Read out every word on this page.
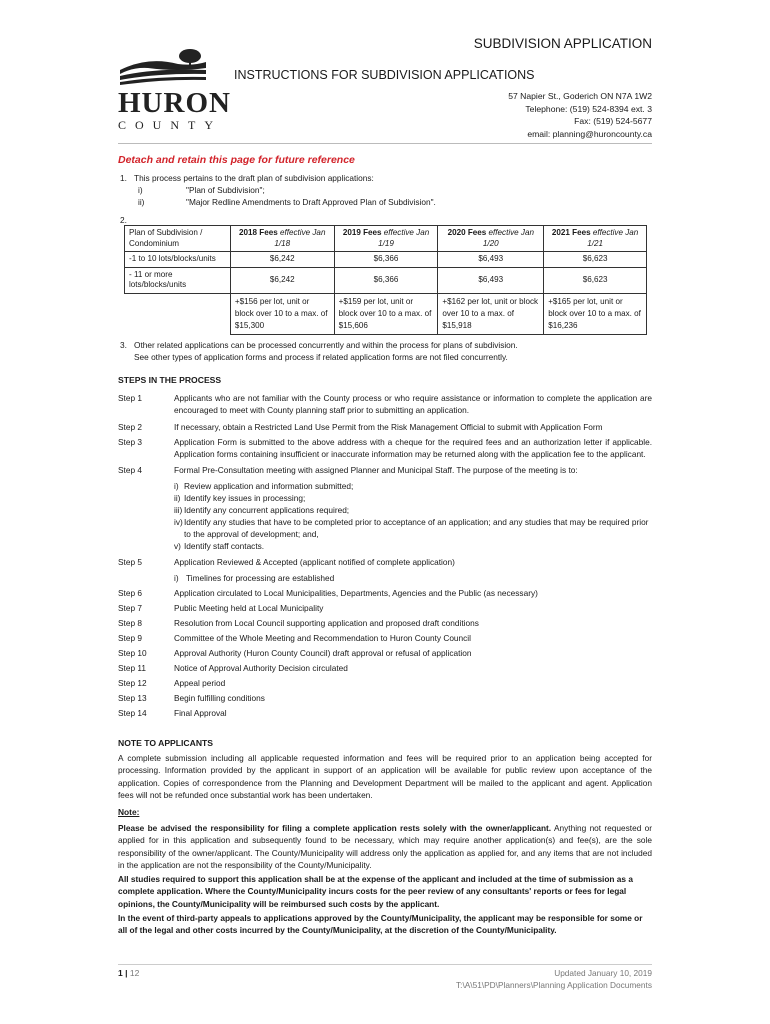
HURON
COUNTY
SUBDIVISION APPLICATION
INSTRUCTIONS FOR SUBDIVISION APPLICATIONS
57 Napier St., Goderich ON N7A 1W2
Telephone: (519) 524-8394 ext. 3
Fax: (519) 524-5677
email: planning@huroncounty.ca
Detach and retain this page for future reference
1. This process pertains to the draft plan of subdivision applications:
i)	"Plan of Subdivision";
ii)	"Major Redline Amendments to Draft Approved Plan of Subdivision".
2.
Plan of Subdivision / Condominium	2018 Fees effective Jan 1/18	2019 Fees effective Jan 1/19	2020 Fees effective Jan 1/20	2021 Fees effective Jan 1/21
-1 to 10 lots/blocks/units	$6,242	$6,366	$6,493	$6,623
- 11 or more lots/blocks/units	$6,242	$6,366	$6,493	$6,623
	+$156 per lot, unit or block over 10 to a max. of $15,300	+$159 per lot, unit or block over 10 to a max. of $15,606	+$162 per lot, unit or block over 10 to a max. of $15,918	+$165 per lot, unit or block over 10 to a max. of $16,236
3. Other related applications can be processed concurrently and within the process for plans of subdivision.
See other types of application forms and process if related application forms are not filed concurrently.
STEPS IN THE PROCESS
Step 1	Applicants who are not familiar with the County process or who require assistance or information to complete the application are encouraged to meet with County planning staff prior to submitting an application.
Step 2	If necessary, obtain a Restricted Land Use Permit from the Risk Management Official to submit with Application Form
Step 3	Application Form is submitted to the above address with a cheque for the required fees and an authorization letter if applicable. Application forms containing insufficient or inaccurate information may be returned along with the application fee to the applicant.
Step 4	Formal Pre-Consultation meeting with assigned Planner and Municipal Staff. The purpose of the meeting is to:
i) Review application and information submitted;
ii) Identify key issues in processing;
iii) Identify any concurrent applications required;
iv) Identify any studies that have to be completed prior to acceptance of an application; and any studies that may be required prior to the approval of development; and,
v) Identify staff contacts.
Step 5	Application Reviewed & Accepted (applicant notified of complete application)
i) Timelines for processing are established
Step 6	Application circulated to Local Municipalities, Departments, Agencies and the Public (as necessary)
Step 7	Public Meeting held at Local Municipality
Step 8	Resolution from Local Council supporting application and proposed draft conditions
Step 9	Committee of the Whole Meeting and Recommendation to Huron County Council
Step 10	Approval Authority (Huron County Council) draft approval or refusal of application
Step 11	Notice of Approval Authority Decision circulated
Step 12	Appeal period
Step 13	Begin fulfilling conditions
Step 14	Final Approval
NOTE TO APPLICANTS
A complete submission including all applicable requested information and fees will be required prior to an application being accepted for processing. Information provided by the applicant in support of an application will be available for public review upon acceptance of the application. Copies of correspondence from the Planning and Development Department will be mailed to the applicant and agent. Application fees will not be refunded once substantial work has been undertaken.
Note:
Please be advised the responsibility for filing a complete application rests solely with the owner/applicant. Anything not requested or applied for in this application and subsequently found to be necessary, which may require another application(s) and fee(s), are the sole responsibility of the owner/applicant. The County/Municipality will address only the application as applied for, and any items that are not included in the application are not the responsibility of the County/Municipality.
All studies required to support this application shall be at the expense of the applicant and included at the time of submission as a complete application. Where the County/Municipality incurs costs for the peer review of any consultants' reports or fees for legal opinions, the County/Municipality will be reimbursed such costs by the applicant.
In the event of third-party appeals to applications approved by the County/Municipality, the applicant may be responsible for some or all of the legal and other costs incurred by the County/Municipality, at the discretion of the County/Municipality.
1 | 12	Updated January 10, 2019
T:\A\51\PD\Planners\Planning Application Documents
